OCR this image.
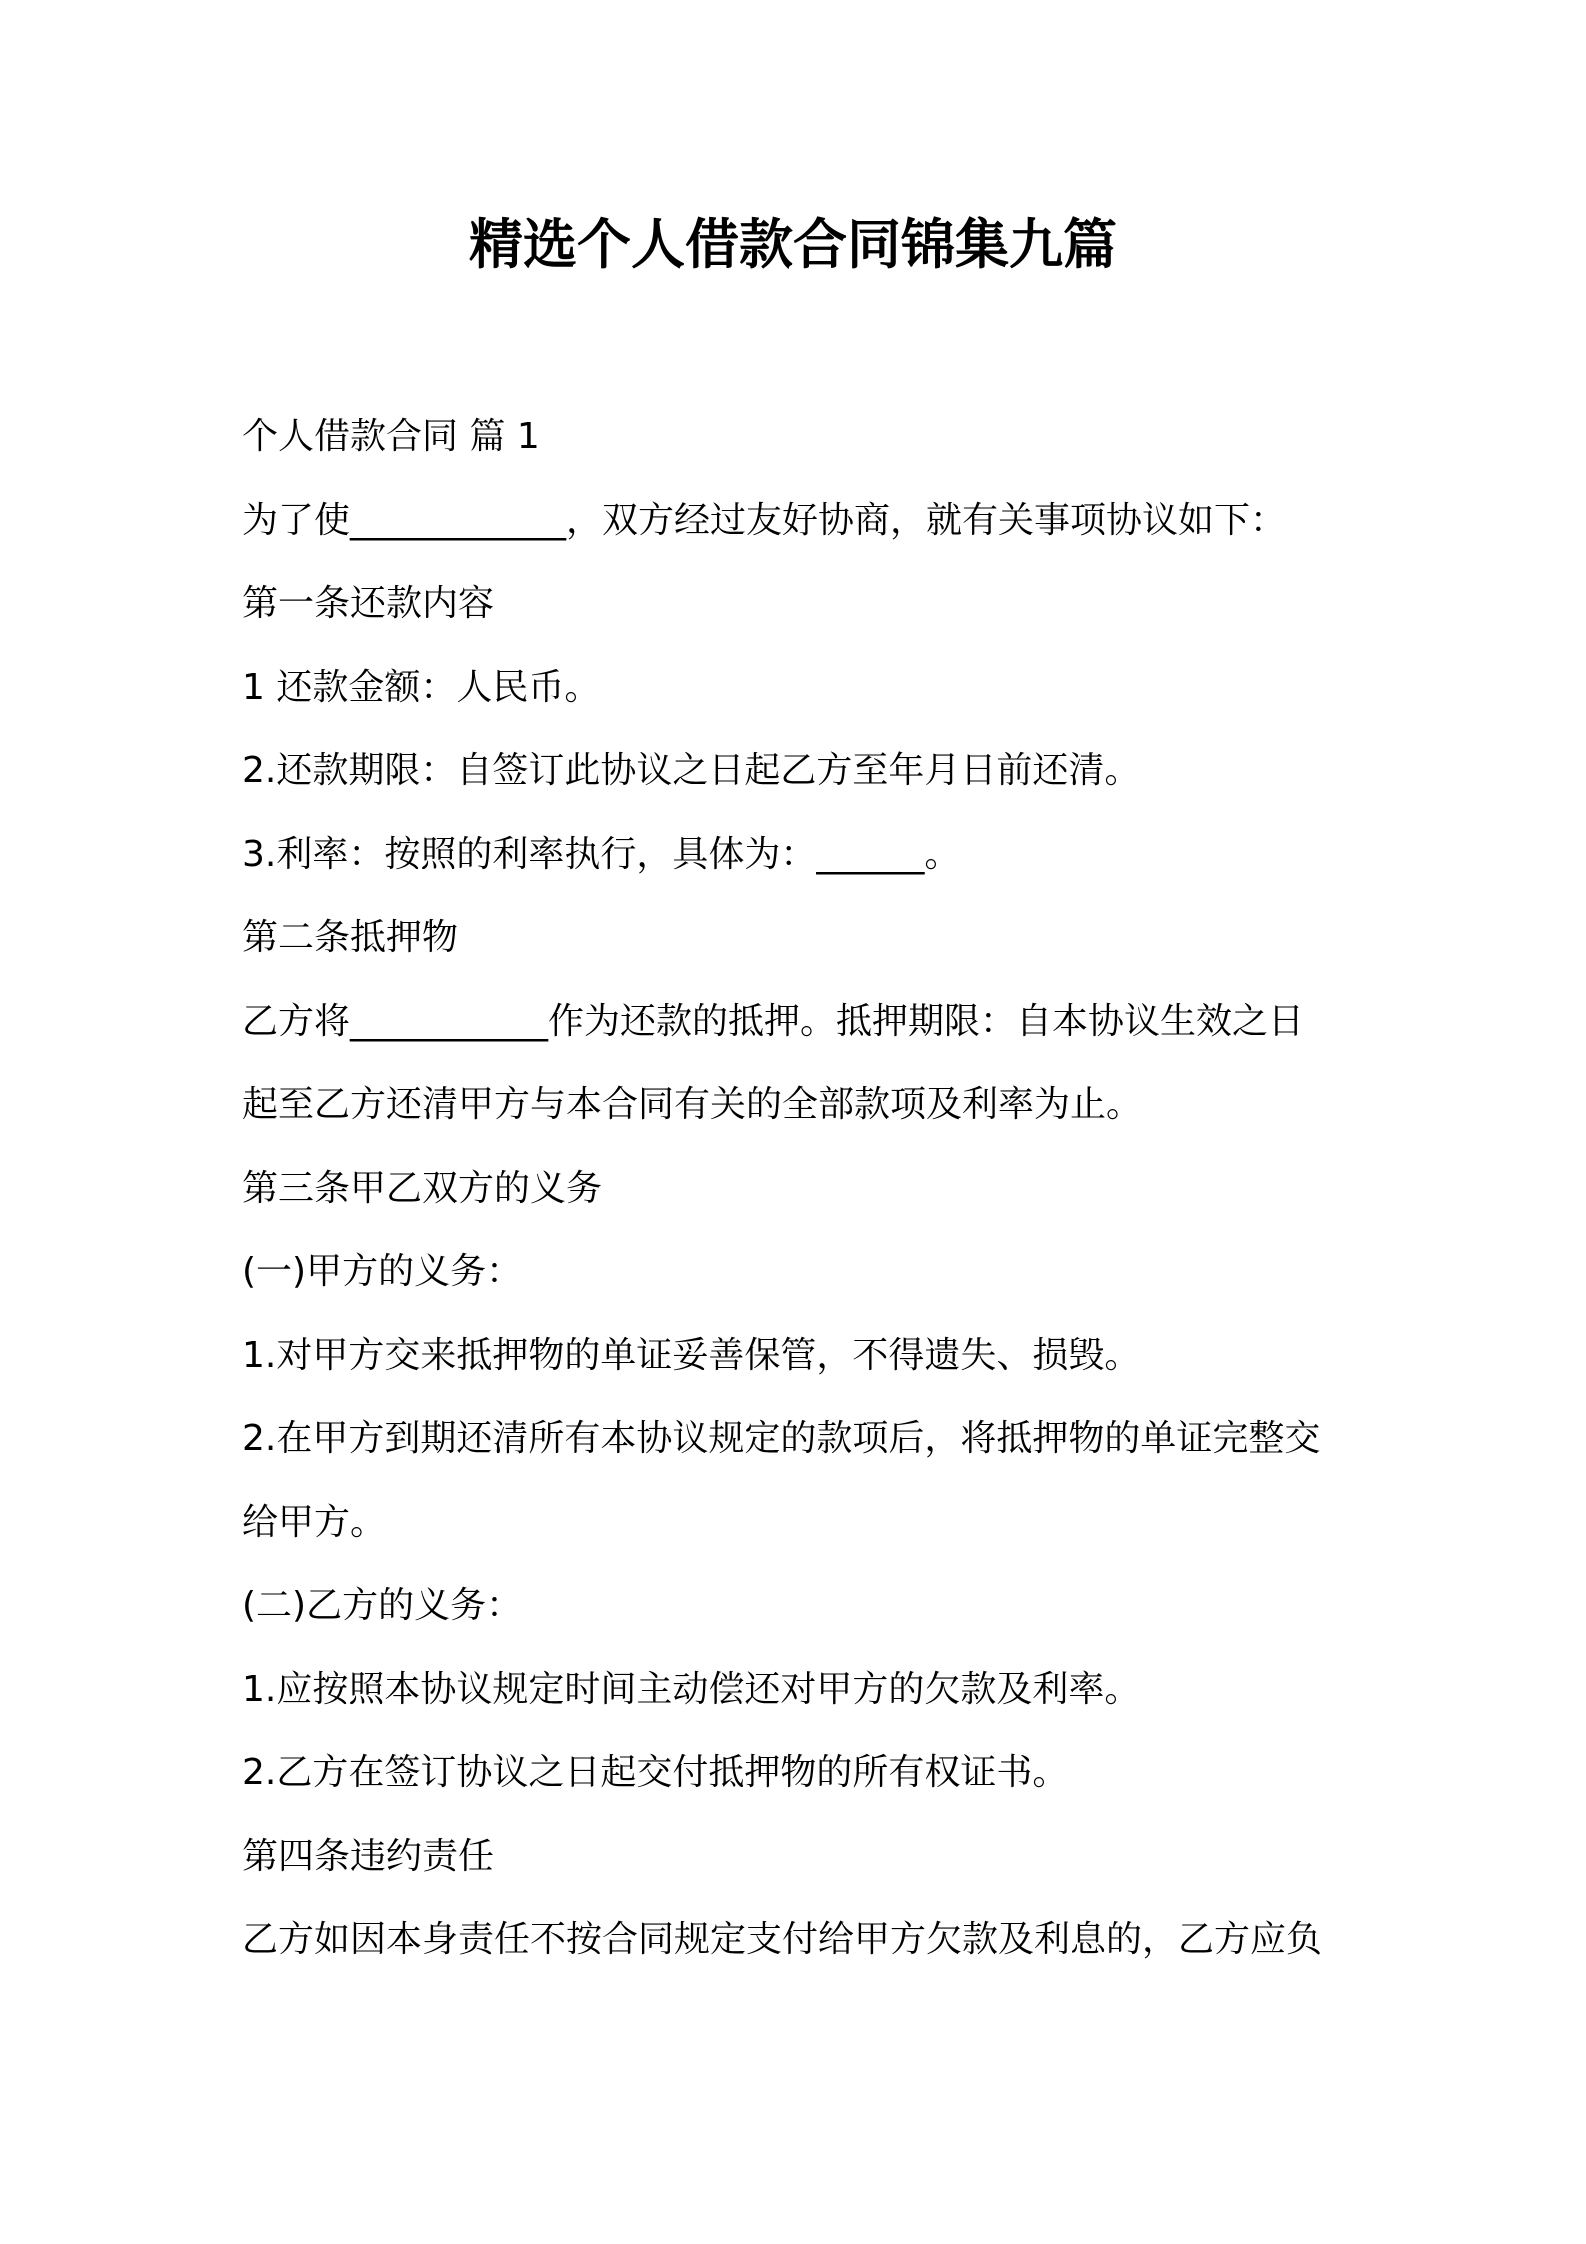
精选个人借款合同锦集九篇
个人借款合同 篇 1
为了使____________，双方经过友好协商，就有关事项协议如下：
第一条还款内容
1 还款金额：人民币。
2.还款期限：自签订此协议之日起乙方至年月日前还清。
3.利率：按照的利率执行，具体为：______。
第二条抵押物
乙方将___________作为还款的抵押。抵押期限：自本协议生效之日
起至乙方还清甲方与本合同有关的全部款项及利率为止。
第三条甲乙双方的义务
(一)甲方的义务：
1.对甲方交来抵押物的单证妥善保管，不得遗失、损毁。
2.在甲方到期还清所有本协议规定的款项后，将抵押物的单证完整交
给甲方。
(二)乙方的义务：
1.应按照本协议规定时间主动偿还对甲方的欠款及利率。
2.乙方在签订协议之日起交付抵押物的所有权证书。
第四条违约责任
乙方如因本身责任不按合同规定支付给甲方欠款及利息的，乙方应负
